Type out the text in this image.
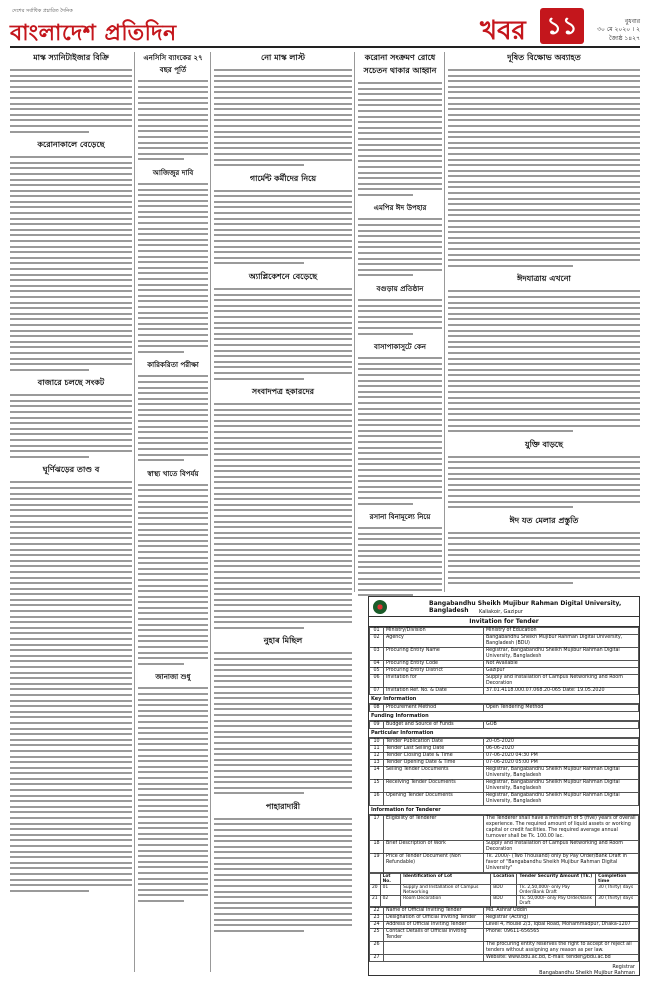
দেশের সর্বাধিক প্রচারিত দৈনিক
বাংলাদেশ প্রতিদিন	খবর ১১	বুধবার
৩০ মে ২০২০ । ২ জ্যৈষ্ঠ ১৪২৭
মাস্ক স্যানিটাইজার বিক্রি
করোনাকালে বেড়েছে
বাজারে চলছে সংকট
ঘূর্ণিঝড়ের তাণ্ড ব
এনসিসি ব্যাংকের ২৭ বছর পূর্তি
আজিজুর দাবি
কারিকরিতা পরীক্ষা
স্বাস্থ্য খাতে বিপর্যয়
জানাজা শুধু
নো মাস্ক লাস্ট
গার্মেন্ট কর্মীদের নিয়ে
অ্যাপ্লিকেশনে বেড়েছে
সংবাদপত্র হকারদের
নুহাৰ মিছিল
পাহারাদারী
করোনা সংক্রমণ রোধে সচেতন থাকার আহ্বান
এমপির ঈদ উপহার
বগুড়ায় প্রতিষ্ঠান
বাসাপাকাসুটে কেন
রসানা বিনামূল্যে নিয়ে
দূষিত বিক্ষোভ অব্যাহত
ঈদযাত্রায় এখনো
যুক্তি বাড়ছে
ঈদ যত মেলার প্রস্তুতি
Bangabandhu Sheikh Mujibur Rahman Digital University, Bangladesh	Kaliakoir, Gazipur
Invitation for Tender
01	Ministry/Division	Ministry of Education
02	Agency	Bangabandhu Sheikh Mujibur Rahman Digital University, Bangladesh (BDU)
03	Procuring Entity Name	Registrar, Bangabandhu Sheikh Mujibur Rahman Digital University, Bangladesh
04	Procuring Entity Code	Not Available
05	Procuring Entity District	Gazipur
06	Invitation for	Supply and Installation of Campus Networking and Room Decoration
07	Invitation Ref. No. & Date	37.01.4118.000.07.068.20-065 Date: 19.05.2020
Key Information
08	Procurement Method	Open Tendering Method
Funding Information
09	Budget and Source of Funds	GOB
Particular Information
10	Tender Publication Date	20-05-2020
11	Tender Last Selling Date	06-06-2020
12	Tender Closing Date & Time	07-06-2020 04:30 PM
13	Tender Opening Date & Time	07-06-2020 05:00 PM
14	Selling Tender Documents	Registrar, Bangabandhu Sheikh Mujibur Rahman Digital University, Bangladesh
15	Receiving Tender Documents	Registrar, Bangabandhu Sheikh Mujibur Rahman Digital University, Bangladesh
16	Opening Tender Documents	Registrar, Bangabandhu Sheikh Mujibur Rahman Digital University, Bangladesh
Information for Tenderer
17	Eligibility of Tenderer	The Tenderer shall have a minimum of 5 (five) years of overall experience. The required amount of liquid assets or working capital or credit facilities. The required average annual turnover shall be Tk. 100.00 lac.
18	Brief Description of Work	Supply and Installation of Campus Networking and Room Decoration
19	Price of Tender Document (Non Refundable)	Tk. 2000/- (Two Thousand) only by Pay Order/Bank Draft in favor of "Bangabandhu Sheikh Mujibur Rahman Digital University"
	Lot No.	Identification of Lot	Location	Tender Security Amount (Tk.)	Completion time
20	01	Supply and Installation of Campus Networking	BDU	Tk. 2,50,000/- only Pay Order/Bank Draft	30 (Thirty) days
21	02	Room Decoration	BDU	Tk. 50,000/- only Pay Order/Bank Draft	30 (Thirty) days
22	Name of Official Inviting Tender	Md. Ashraf Uddin
23	Designation of Official Inviting Tender	Registrar (Acting)
24	Address of Official Inviting Tender	Level 4, House 2/3, Iqbal Road, Mohammadpur, Dhaka-1207
25	Contact Details of Official Inviting Tender	Phone: 09611-656565
26		The procuring entity reserves the right to accept or reject all tenders without assigning any reason as per law.
27		Website: www.bdu.ac.bd, E-mail: tender@bdu.ac.bd
Registrar
Bangabandhu Sheikh Mujibur Rahman
